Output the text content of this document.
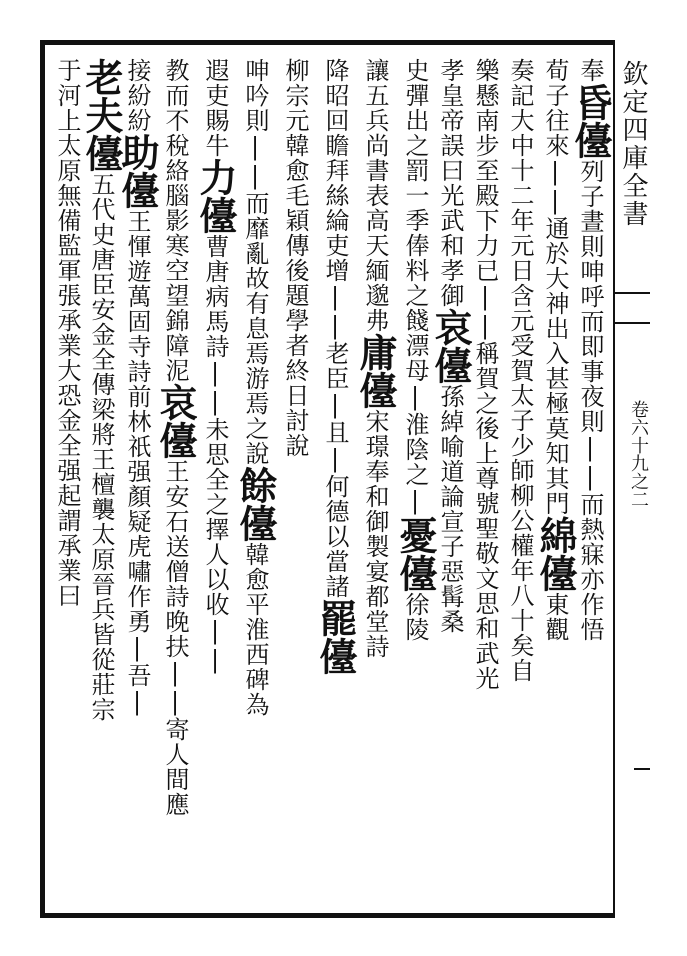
欽定四庫全書
卷六十九之二
奉昏儓列子晝則呻呼而即事夜則||而熱寐亦作悟
荀子往來||通於大神出入甚極莫知其門綿儓東觀
奏記大中十二年元日含元受賀太子少師柳公權年八十矣自
樂懸南步至殿下力已||稱賀之後上尊號聖敬文思和武光
孝皇帝誤曰光武和孝御哀儓孫綽喻道論宣子惡髯桑
史彈出之罰一季俸料之餞漂母|淮陰之|憂儓徐陵
讓五兵尚書表高天緬邈弗庸儓宋璟奉和御製宴都堂詩
降昭回瞻拜絲綸吏增||老臣|且|何德以當諸罷儓
柳宗元韓愈毛穎傳後題學者終日討說
呻吟則||而靡亂故有息焉游焉之說餘儓韓愈平淮西碑為
遐吏賜牛力儓曹唐病馬詩||未思全之擇人以收||
教而不稅絡腦影寒空望錦障泥哀儓王安石送僧詩晚扶||寄人間應
接紛紛助儓王惲遊萬固寺詩前林祇强顏疑虎嘯作勇|吾|
老夫儓五代史唐臣安金全傳梁將王檀襲太原晉兵皆從莊宗
于河上太原無備監軍張承業大恐金全强起謂承業曰
